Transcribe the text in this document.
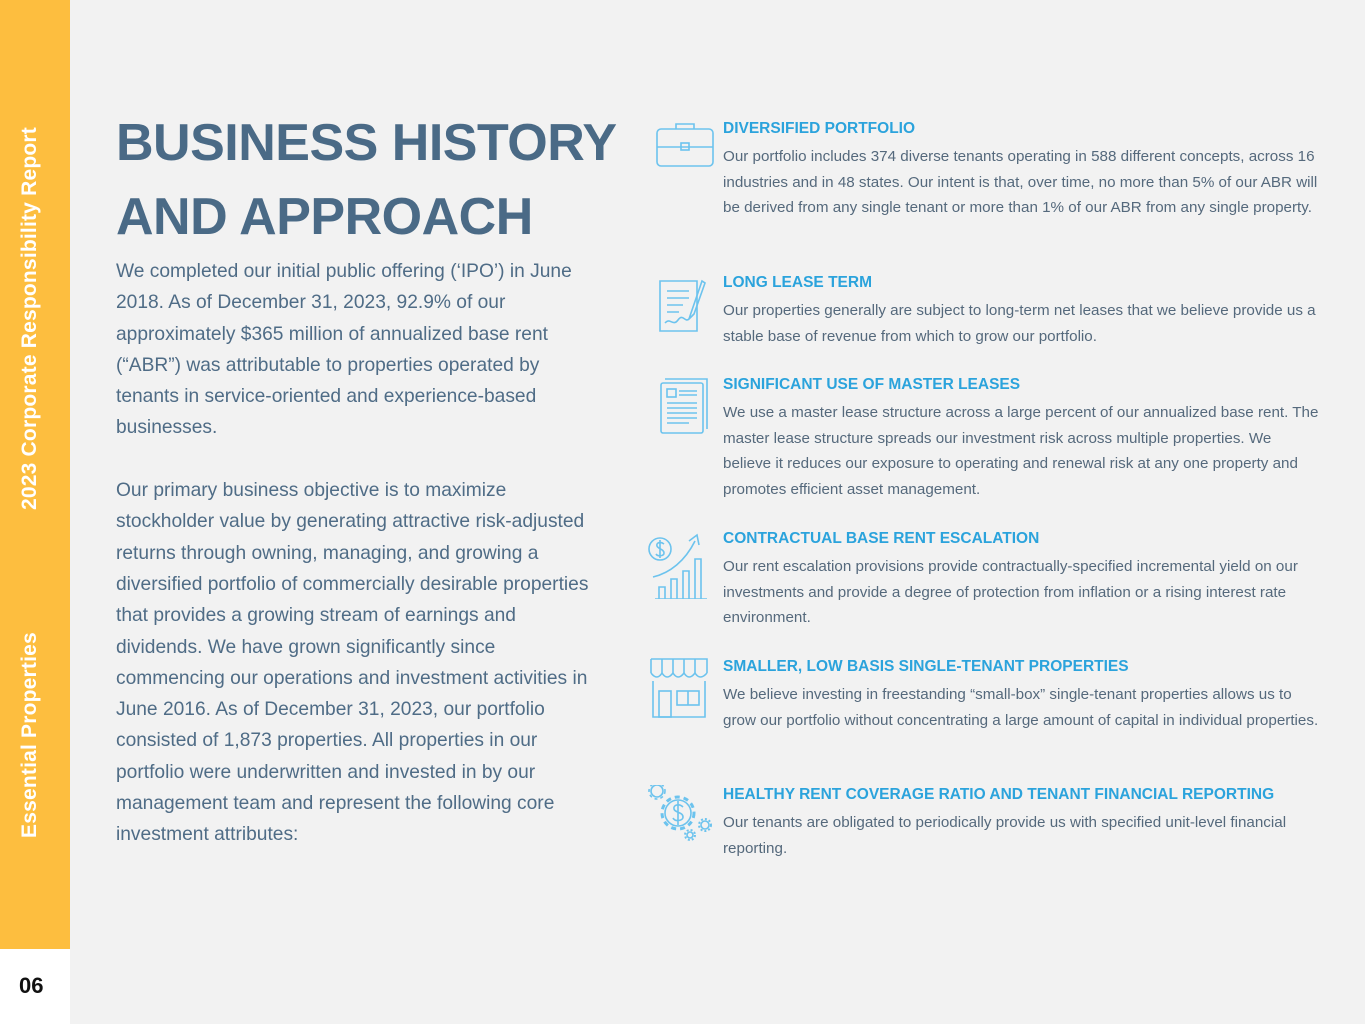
2023 Corporate Responsibility Report
Essential Properties
06
BUSINESS HISTORY
AND APPROACH

We completed our initial public offering (‘IPO’) in June 2018. As of December 31, 2023, 92.9% of our approximately $365 million of annualized base rent (“ABR”) was attributable to properties operated by tenants in service-oriented and experience-based businesses.

Our primary business objective is to maximize stockholder value by generating attractive risk-adjusted returns through owning, managing, and growing a diversified portfolio of commercially desirable properties that provides a growing stream of earnings and dividends. We have grown significantly since commencing our operations and investment activities in June 2016. As of December 31, 2023, our portfolio consisted of 1,873 properties. All properties in our portfolio were underwritten and invested in by our management team and represent the following core investment attributes:

DIVERSIFIED PORTFOLIO
Our portfolio includes 374 diverse tenants operating in 588 different concepts, across 16 industries and in 48 states. Our intent is that, over time, no more than 5% of our ABR will be derived from any single tenant or more than 1% of our ABR from any single property.
LONG LEASE TERM
Our properties generally are subject to long-term net leases that we believe provide us a stable base of revenue from which to grow our portfolio.
SIGNIFICANT USE OF MASTER LEASES
We use a master lease structure across a large percent of our annualized base rent. The master lease structure spreads our investment risk across multiple properties. We believe it reduces our exposure to operating and renewal risk at any one property and promotes efficient asset management.
CONTRACTUAL BASE RENT ESCALATION
Our rent escalation provisions provide contractually-specified incremental yield on our investments and provide a degree of protection from inflation or a rising interest rate environment.
SMALLER, LOW BASIS SINGLE-TENANT PROPERTIES
We believe investing in freestanding “small-box” single-tenant properties allows us to grow our portfolio without concentrating a large amount of capital in individual properties.
HEALTHY RENT COVERAGE RATIO AND TENANT FINANCIAL REPORTING
Our tenants are obligated to periodically provide us with specified unit-level financial reporting.
